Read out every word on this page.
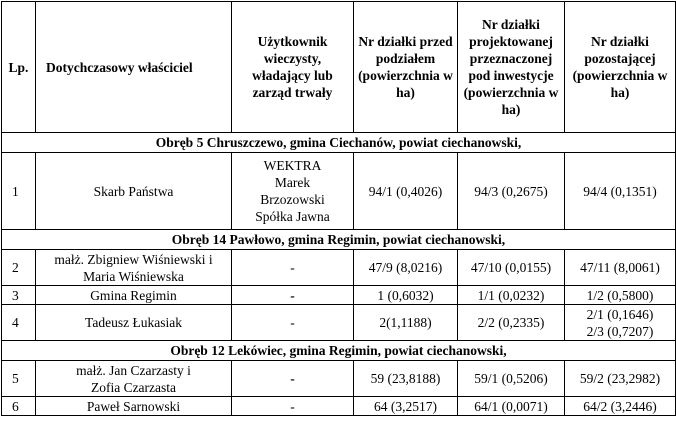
Lp.	Dotychczasowy właściciel	Użytkownik wieczysty, władający lub zarząd trwały	Nr działki przed podziałem (powierzchnia w ha)	Nr działki projektowanej przeznaczonej pod inwestycje (powierzchnia w ha)	Nr działki pozostającej (powierzchnia w ha)
Obręb 5 Chruszczewo, gmina Ciechanów, powiat ciechanowski,					
1	Skarb Państwa	WEKTRA
Marek
Brzozowski
Spółka Jawna	94/1 (0,4026)	94/3 (0,2675)	94/4 (0,1351)
Obręb 14 Pawłowo, gmina Regimin, powiat ciechanowski,					
2	małż. Zbigniew Wiśniewski i
Maria Wiśniewska	-	47/9 (8,0216)	47/10 (0,0155)	47/11 (8,0061)
3	Gmina Regimin	-	1 (0,6032)	1/1 (0,0232)	1/2 (0,5800)
4	Tadeusz Łukasiak	-	2(1,1188)	2/2 (0,2335)	2/1 (0,1646)
2/3 (0,7207)
Obręb 12 Lekówiec, gmina Regimin, powiat ciechanowski,					
5	małż. Jan Czarzasty i
Zofia Czarzasta	-	59 (23,8188)	59/1 (0,5206)	59/2 (23,2982)
6	Paweł Sarnowski	-	64 (3,2517)	64/1 (0,0071)	64/2 (3,2446)
